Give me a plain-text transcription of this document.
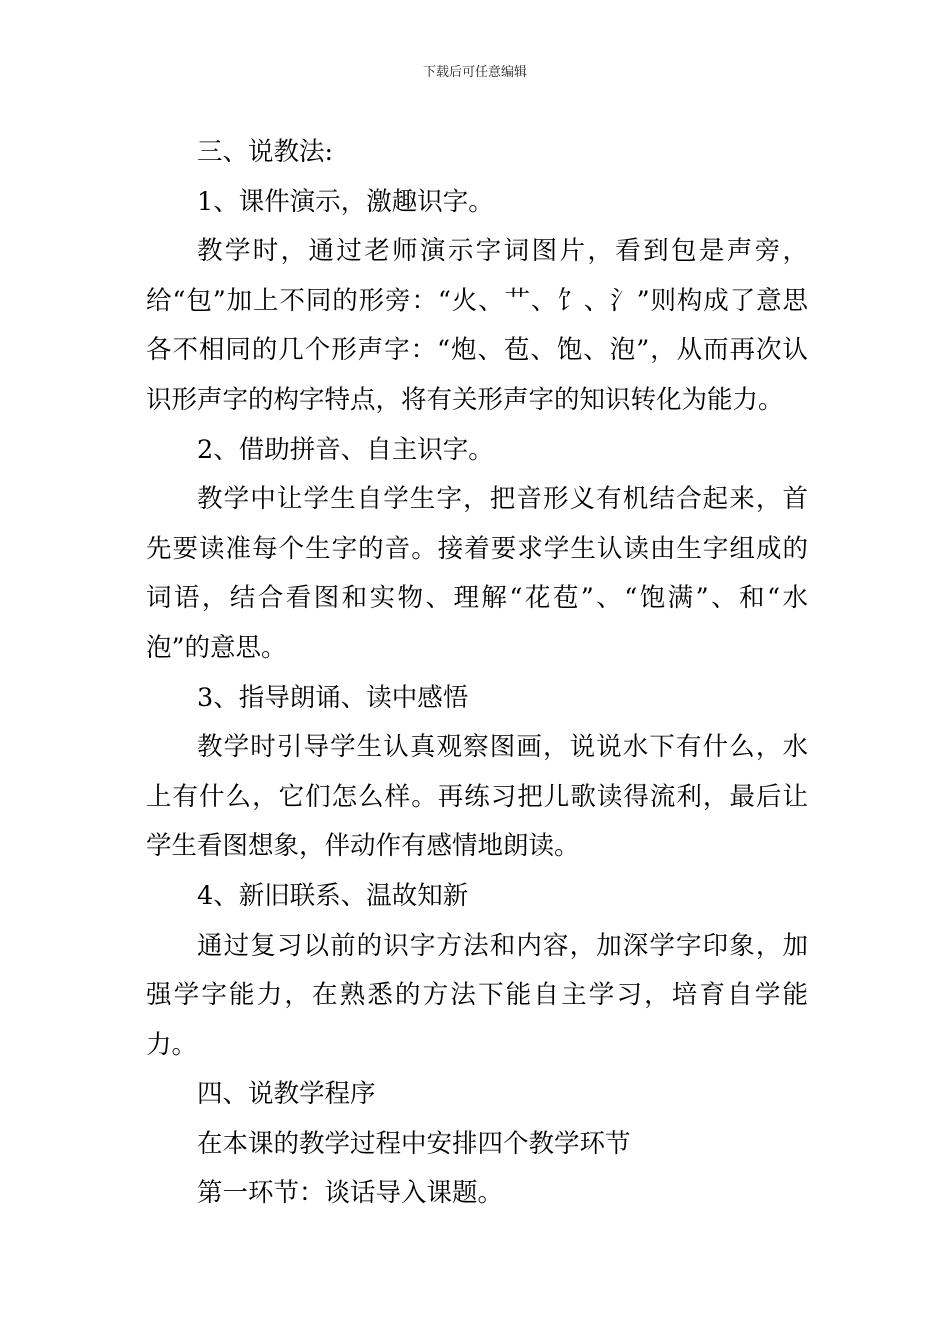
下载后可任意编辑

三、说教法:

1、课件演示，激趣识字。

教学时，通过老师演示字词图片，看到包是声旁，给“包”加上不同的形旁：“火、艹、饣、氵”则构成了意思各不相同的几个形声字：“炮、苞、饱、泡”，从而再次认识形声字的构字特点，将有关形声字的知识转化为能力。

2、借助拼音、自主识字。

教学中让学生自学生字，把音形义有机结合起来，首先要读准每个生字的音。接着要求学生认读由生字组成的词语，结合看图和实物、理解“花苞”、“饱满”、和“水泡”的意思。

3、指导朗诵、读中感悟

教学时引导学生认真观察图画，说说水下有什么，水上有什么，它们怎么样。再练习把儿歌读得流利，最后让学生看图想象，伴动作有感情地朗读。

4、新旧联系、温故知新

通过复习以前的识字方法和内容，加深学字印象，加强学字能力，在熟悉的方法下能自主学习，培育自学能力。

四、说教学程序

在本课的教学过程中安排四个教学环节

第一环节：谈话导入课题。
